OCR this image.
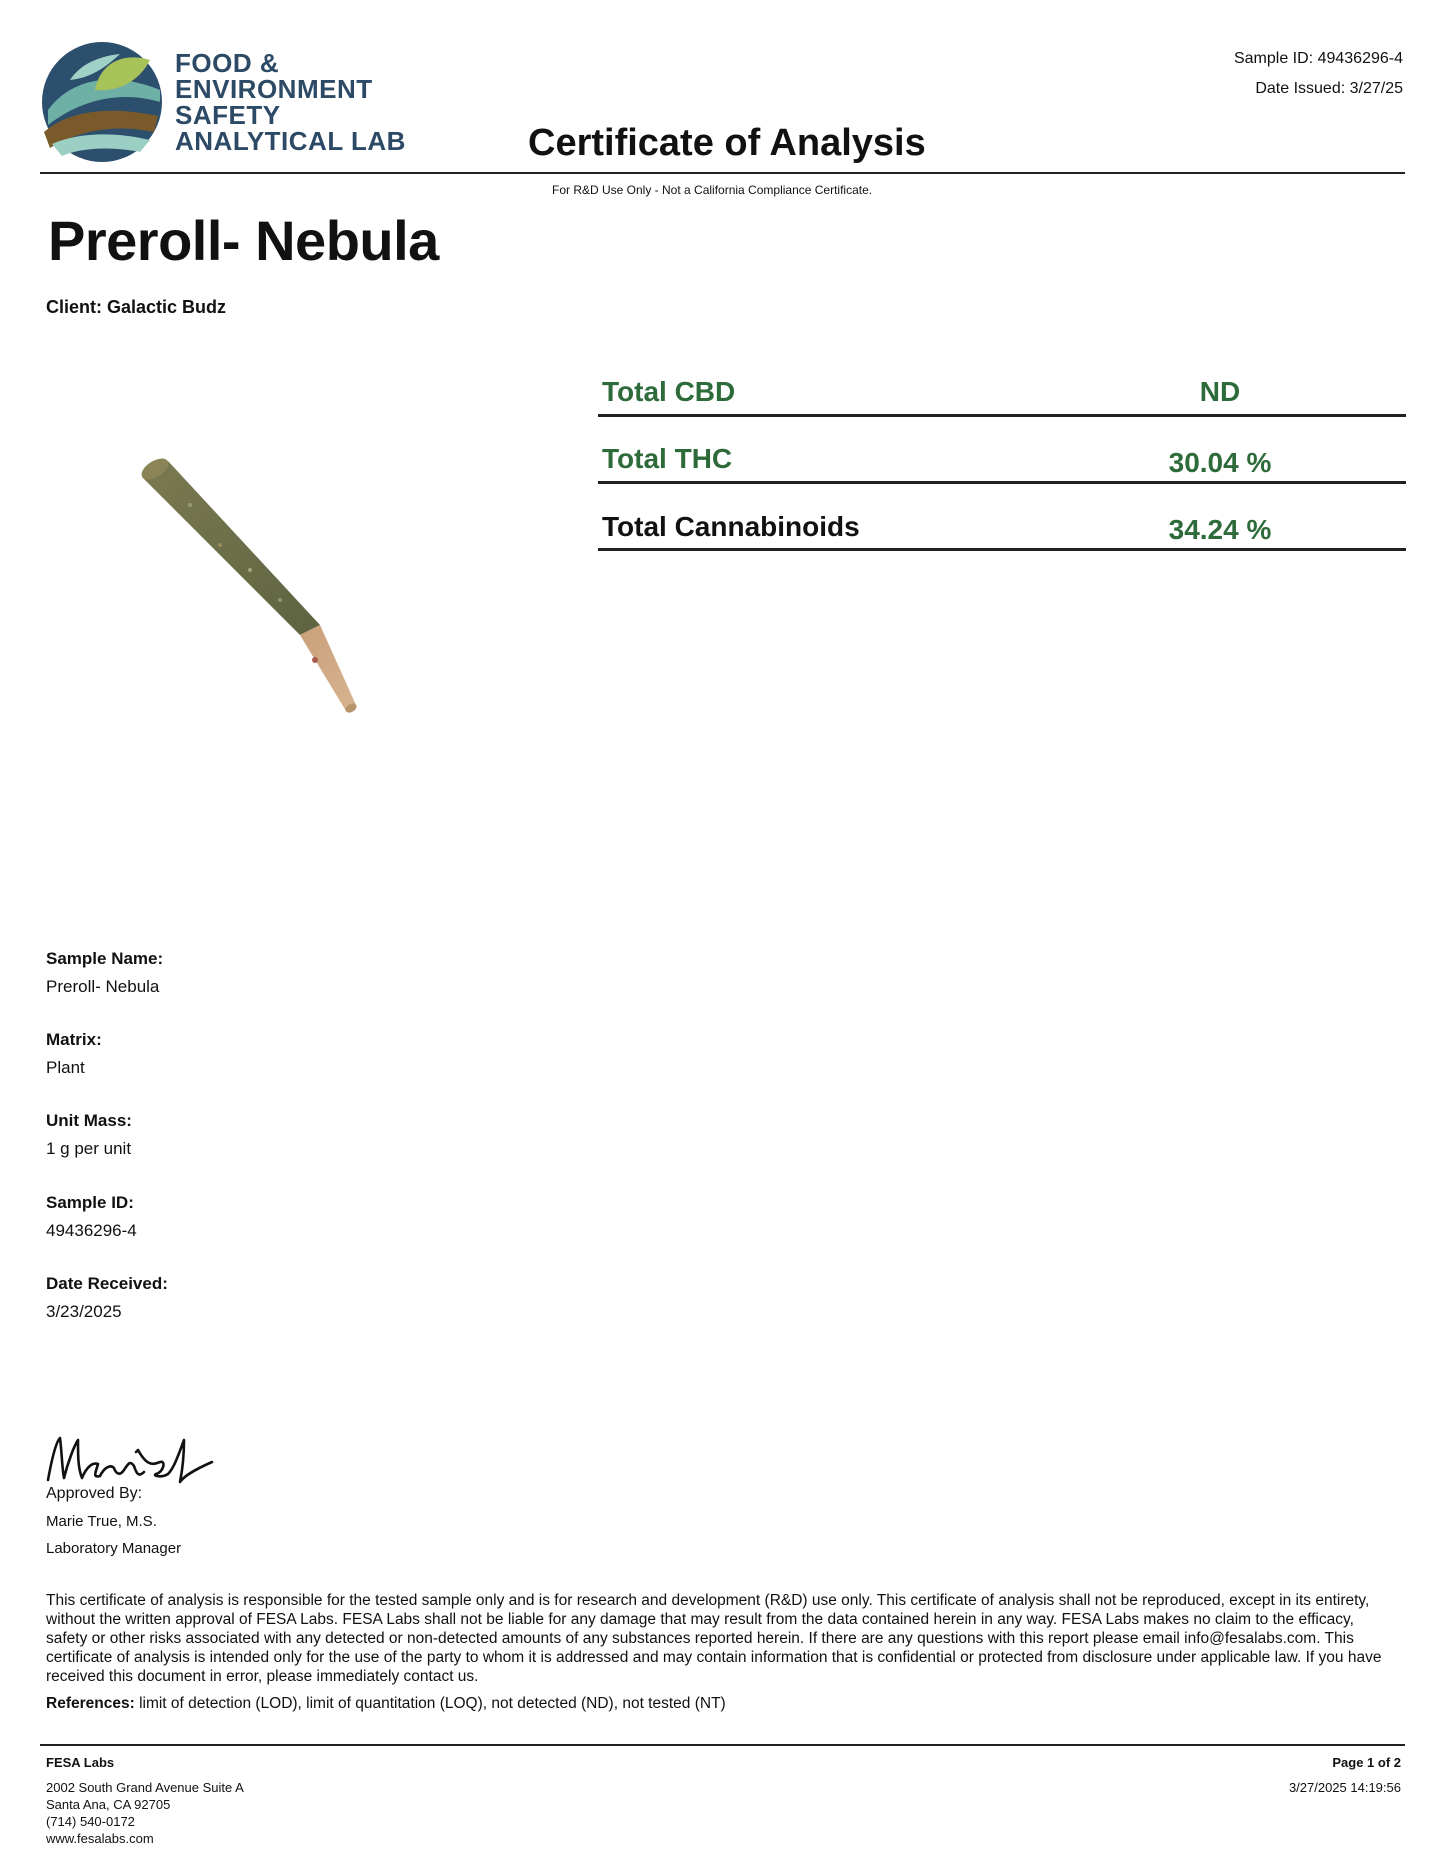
FOOD &
ENVIRONMENT
SAFETY
ANALYTICAL LAB
Sample ID: 49436296-4
Date Issued: 3/27/25
Certificate of Analysis
For R&D Use Only - Not a California Compliance Certificate.
Preroll- Nebula
Client: Galactic Budz
Total CBD	ND
Total THC	30.04 %
Total Cannabinoids	34.24 %
Sample Name:
Preroll- Nebula
Matrix:
Plant
Unit Mass:
1 g per unit
Sample ID:
49436296-4
Date Received:
3/23/2025
Approved By:
Marie True, M.S.
Laboratory Manager
This certificate of analysis is responsible for the tested sample only and is for research and development (R&D) use only. This certificate of analysis shall not be reproduced, except in its entirety, without the written approval of FESA Labs. FESA Labs shall not be liable for any damage that may result from the data contained herein in any way. FESA Labs makes no claim to the efficacy, safety or other risks associated with any detected or non-detected amounts of any substances reported herein. If there are any questions with this report please email info@fesalabs.com. This certificate of analysis is intended only for the use of the party to whom it is addressed and may contain information that is confidential or protected from disclosure under applicable law. If you have received this document in error, please immediately contact us.
References: limit of detection (LOD), limit of quantitation (LOQ), not detected (ND), not tested (NT)
FESA Labs
2002 South Grand Avenue Suite A
Santa Ana, CA 92705
(714) 540-0172
www.fesalabs.com
Page 1 of 2
3/27/2025 14:19:56
